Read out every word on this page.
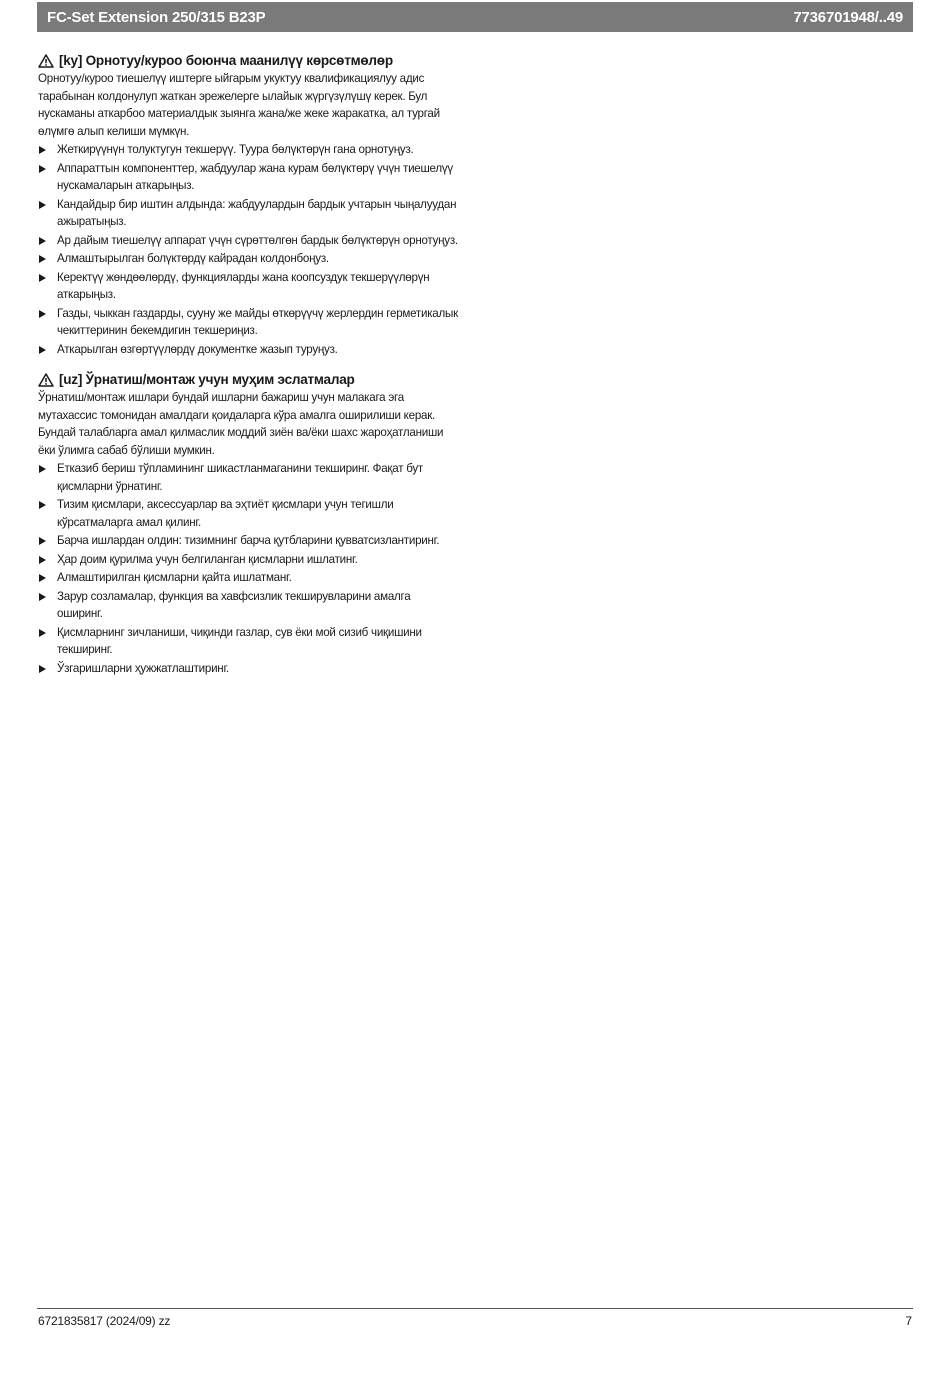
FC-Set Extension 250/315 B23P	7736701948/..49
[ky] Орнотуу/куроо боюнча маанилүү көрсөтмөлөр

Орнотуу/куроо тиешелүү иштерге ыйгарым укуктуу квалификациялуу адис тарабынан колдонулуп жаткан эрежелерге ылайык жүргүзүлүшү керек. Бул нускаманы аткарбоо материалдык зыянга жана/же жеке жаракатка, ал тургай өлүмгө алып келиши мүмкүн.

Жеткирүүнүн толуктугун текшерүү. Туура бөлүктөрүн гана орнотуңуз.
Аппараттын компоненттер, жабдуулар жана курам бөлүктөрү үчүн тиешелүү нускамаларын аткарыңыз.
Кандайдыр бир иштин алдында: жабдуулардын бардык учтарын чыңалуудан ажыратыңыз.
Ар дайым тиешелүү аппарат үчүн сүрөттөлгөн бардык бөлүктөрүн орнотуңуз.
Алмаштырылган болүктөрдү кайрадан колдонбоңуз.
Керектүү жөндөөлөрдү, функцияларды жана коопсуздук текшерүүлөрүн аткарыңыз.
Газды, чыккан газдарды, сууну же майды өткөрүүчү жерлердин герметикалык чекиттеринин бекемдигин текшериңиз.
Аткарылган өзгөртүүлөрдү документке жазып туруңуз.
[uz] Ўрнатиш/монтаж учун муҳим эслатмалар

Ўрнатиш/монтаж ишлари бундай ишларни бажариш учун малакага эга мутахассис томонидан амалдаги қоидаларга кўра амалга оширилиши керак. Бундай талабларга амал қилмаслик моддий зиён ва/ёки шахс жароҳатланиши ёки ўлимга сабаб бўлиши мумкин.

Етказиб бериш тўпламининг шикастланмаганини текширинг. Фақат бут қисмларни ўрнатинг.
Тизим қисмлари, аксессуарлар ва эҳтиёт қисмлари учун тегишли кўрсатмаларга амал қилинг.
Барча ишлардан олдин: тизимнинг барча қутбларини қувватсизлантиринг.
Ҳар доим қурилма учун белгиланган қисмларни ишлатинг.
Алмаштирилган қисмларни қайта ишлатманг.
Зарур созламалар, функция ва хавфсизлик текширувларини амалга оширинг.
Қисмларнинг зичланиши, чиқинди газлар, сув ёки мой сизиб чиқишини текширинг.
Ўзгаришларни ҳужжатлаштиринг.
6721835817 (2024/09) zz	7
